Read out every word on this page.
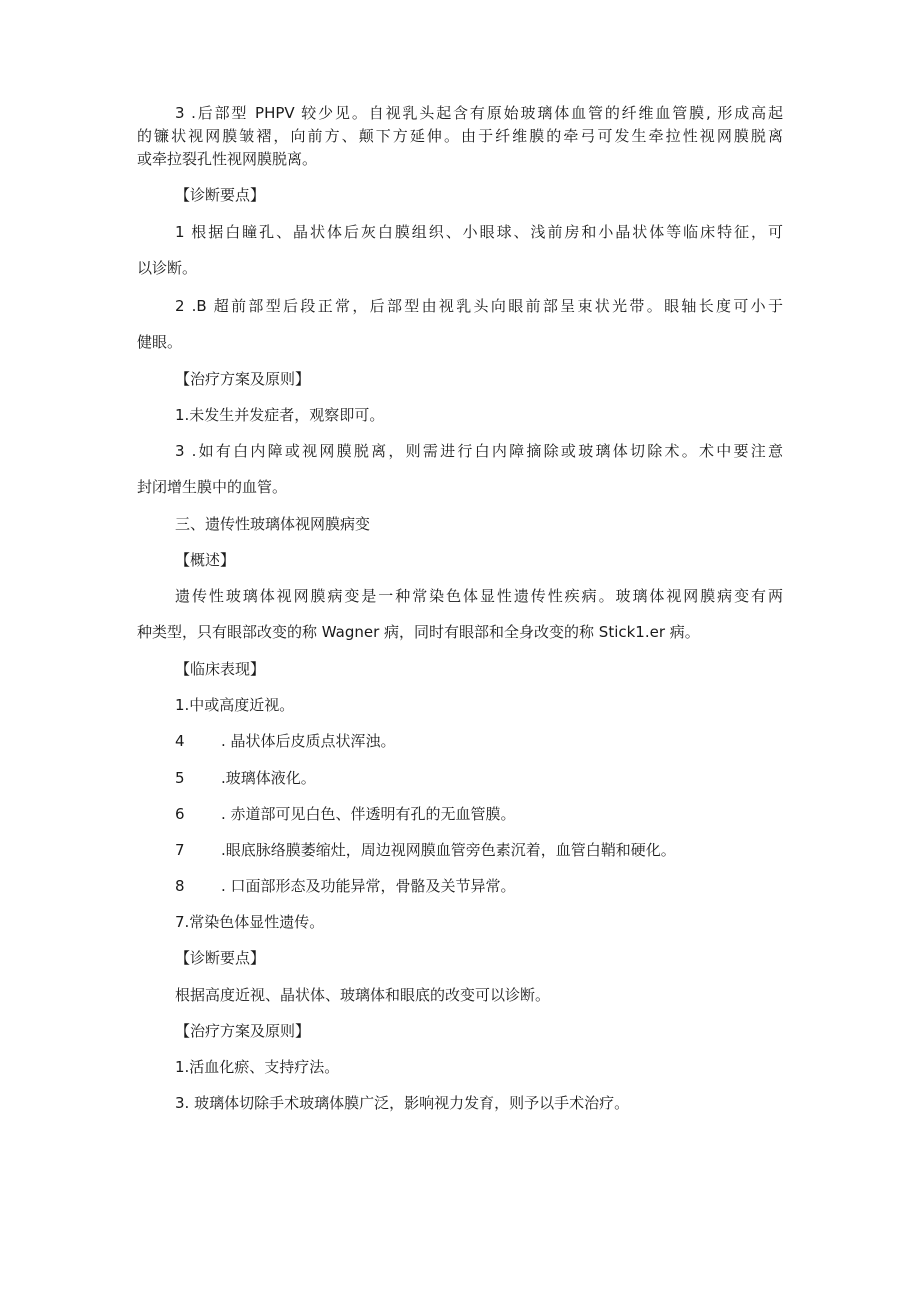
3 .后部型 PHPV 较少见。自视乳头起含有原始玻璃体血管的纤维血管膜, 形成高起
的镰状视网膜皱褶，向前方、颠下方延伸。由于纤维膜的牵弓可发生牵拉性视网膜脱离
或牵拉裂孔性视网膜脱离。
【诊断要点】
1 根据白瞳孔、晶状体后灰白膜组织、小眼球、浅前房和小晶状体等临床特征，可
以诊断。
2 .B 超前部型后段正常，后部型由视乳头向眼前部呈束状光带。眼轴长度可小于
健眼。
【治疗方案及原则】
1.未发生并发症者，观察即可。
3 .如有白内障或视网膜脱离，则需进行白内障摘除或玻璃体切除术。术中要注意
封闭增生膜中的血管。
三、遗传性玻璃体视网膜病变
【概述】
遗传性玻璃体视网膜病变是一种常染色体显性遗传性疾病。玻璃体视网膜病变有两
种类型，只有眼部改变的称 Wagner 病，同时有眼部和全身改变的称 Stick1.er 病。
【临床表现】
1.中或高度近视。
4 . 晶状体后皮质点状浑浊。
5 .玻璃体液化。
6 . 赤道部可见白色、伴透明有孔的无血管膜。
7 .眼底脉络膜萎缩灶，周边视网膜血管旁色素沉着，血管白鞘和硬化。
8 . 口面部形态及功能异常，骨骼及关节异常。
7.常染色体显性遗传。
【诊断要点】
根据高度近视、晶状体、玻璃体和眼底的改变可以诊断。
【治疗方案及原则】
1.活血化瘀、支持疗法。
3. 玻璃体切除手术玻璃体膜广泛，影响视力发育，则予以手术治疗。
